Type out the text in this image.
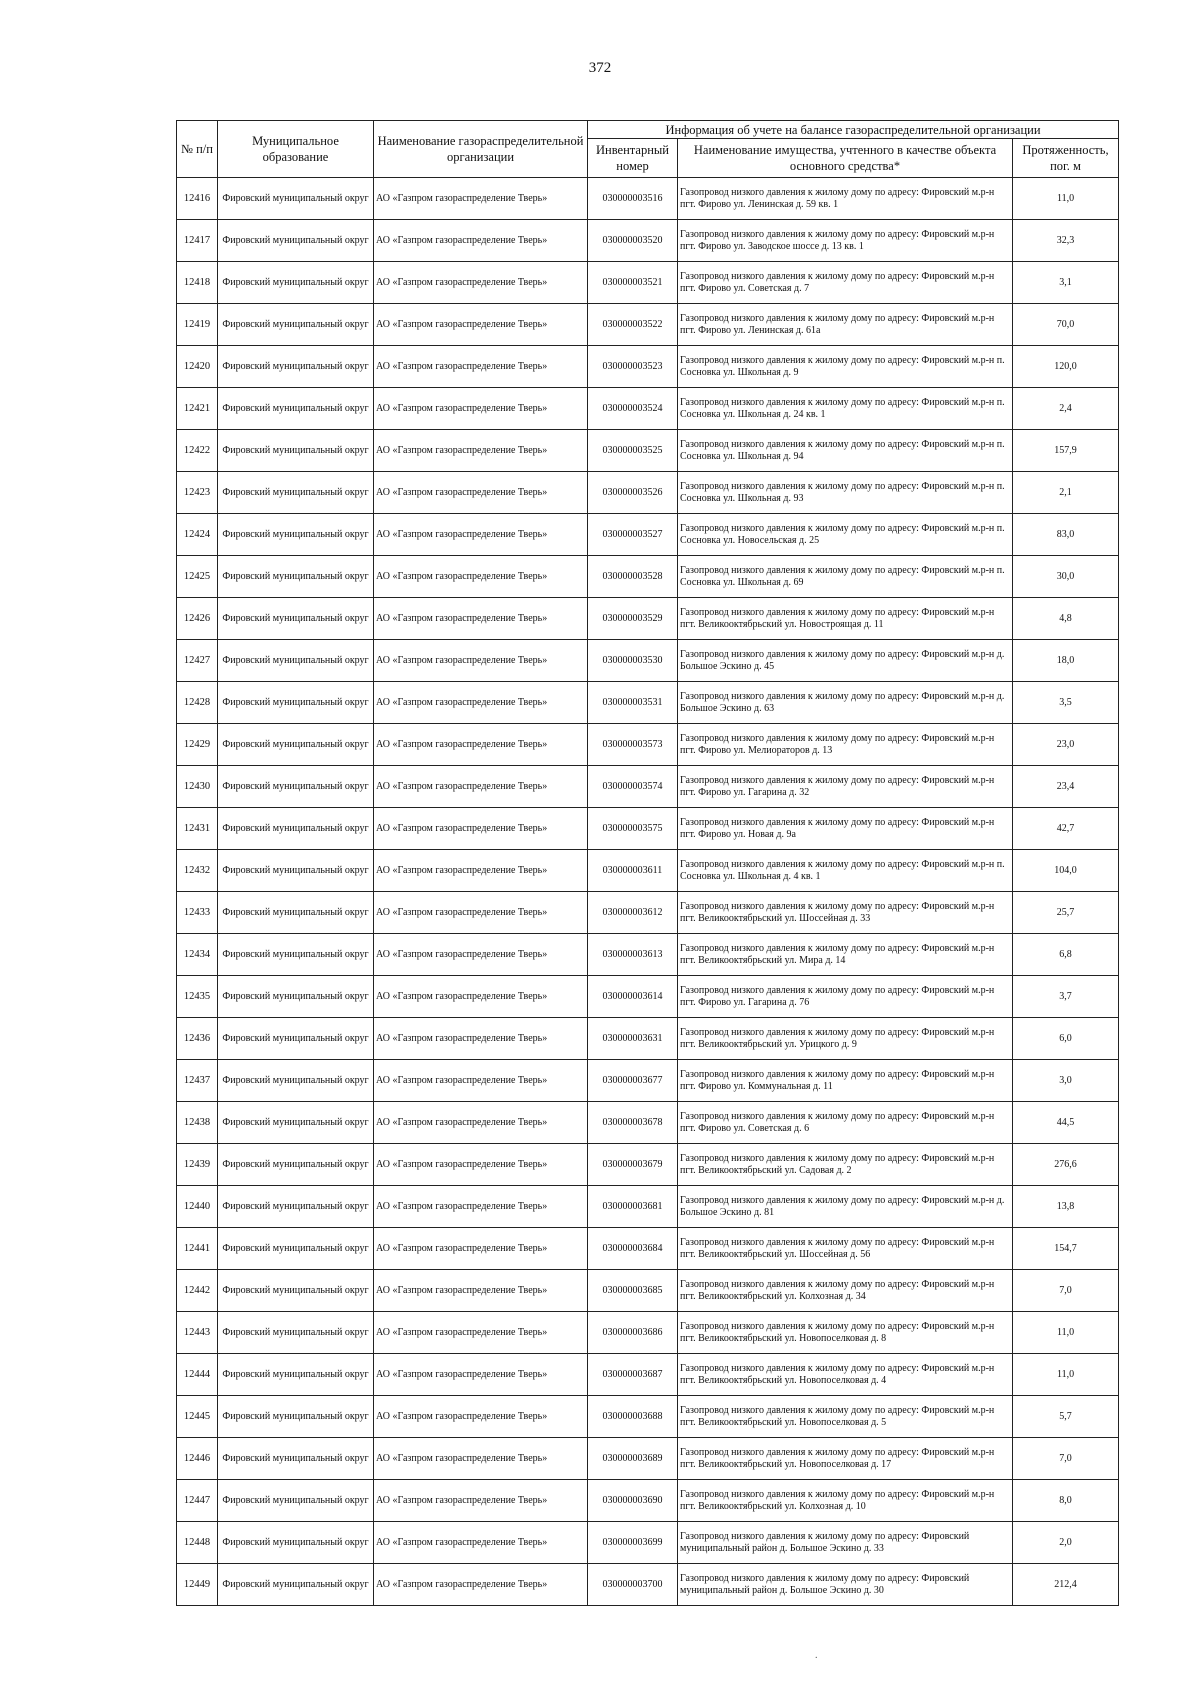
372
№ п/п	Муниципальное образование	Наименование газораспределительной организации	Информация об учете на балансе газораспределительной организации		
			Инвентарный номер	Наименование имущества, учтенного в качестве объекта основного средства*	Протяженность, пог. м
12416	Фировский муниципальный округ	АО «Газпром газораспределение Тверь»	030000003516	Газопровод низкого давления к жилому дому по адресу: Фировский м.р-н пгт. Фирово ул. Ленинская д. 59 кв. 1	11,0
12417	Фировский муниципальный округ	АО «Газпром газораспределение Тверь»	030000003520	Газопровод низкого давления к жилому дому по адресу: Фировский м.р-н пгт. Фирово ул. Заводское шоссе д. 13 кв. 1	32,3
12418	Фировский муниципальный округ	АО «Газпром газораспределение Тверь»	030000003521	Газопровод низкого давления к жилому дому по адресу: Фировский м.р-н пгт. Фирово ул. Советская д. 7	3,1
12419	Фировский муниципальный округ	АО «Газпром газораспределение Тверь»	030000003522	Газопровод низкого давления к жилому дому по адресу: Фировский м.р-н пгт. Фирово ул. Ленинская д. 61а	70,0
12420	Фировский муниципальный округ	АО «Газпром газораспределение Тверь»	030000003523	Газопровод низкого давления к жилому дому по адресу: Фировский м.р-н п. Сосновка ул. Школьная д. 9	120,0
12421	Фировский муниципальный округ	АО «Газпром газораспределение Тверь»	030000003524	Газопровод низкого давления к жилому дому по адресу: Фировский м.р-н п. Сосновка ул. Школьная д. 24 кв. 1	2,4
12422	Фировский муниципальный округ	АО «Газпром газораспределение Тверь»	030000003525	Газопровод низкого давления к жилому дому по адресу: Фировский м.р-н п. Сосновка ул. Школьная д. 94	157,9
12423	Фировский муниципальный округ	АО «Газпром газораспределение Тверь»	030000003526	Газопровод низкого давления к жилому дому по адресу: Фировский м.р-н п. Сосновка ул. Школьная д. 93	2,1
12424	Фировский муниципальный округ	АО «Газпром газораспределение Тверь»	030000003527	Газопровод низкого давления к жилому дому по адресу: Фировский м.р-н п. Сосновка ул. Новосельская д. 25	83,0
12425	Фировский муниципальный округ	АО «Газпром газораспределение Тверь»	030000003528	Газопровод низкого давления к жилому дому по адресу: Фировский м.р-н п. Сосновка ул. Школьная д. 69	30,0
12426	Фировский муниципальный округ	АО «Газпром газораспределение Тверь»	030000003529	Газопровод низкого давления к жилому дому по адресу: Фировский м.р-н пгт. Великооктябрьский ул. Новостроящая д. 11	4,8
12427	Фировский муниципальный округ	АО «Газпром газораспределение Тверь»	030000003530	Газопровод низкого давления к жилому дому по адресу: Фировский м.р-н д. Большое Эскино д. 45	18,0
12428	Фировский муниципальный округ	АО «Газпром газораспределение Тверь»	030000003531	Газопровод низкого давления к жилому дому по адресу: Фировский м.р-н д. Большое Эскино д. 63	3,5
12429	Фировский муниципальный округ	АО «Газпром газораспределение Тверь»	030000003573	Газопровод низкого давления к жилому дому по адресу: Фировский м.р-н пгт. Фирово ул. Мелиораторов д. 13	23,0
12430	Фировский муниципальный округ	АО «Газпром газораспределение Тверь»	030000003574	Газопровод низкого давления к жилому дому по адресу: Фировский м.р-н пгт. Фирово ул. Гагарина д. 32	23,4
12431	Фировский муниципальный округ	АО «Газпром газораспределение Тверь»	030000003575	Газопровод низкого давления к жилому дому по адресу: Фировский м.р-н пгт. Фирово ул. Новая д. 9а	42,7
12432	Фировский муниципальный округ	АО «Газпром газораспределение Тверь»	030000003611	Газопровод низкого давления к жилому дому по адресу: Фировский м.р-н п. Сосновка ул. Школьная д. 4 кв. 1	104,0
12433	Фировский муниципальный округ	АО «Газпром газораспределение Тверь»	030000003612	Газопровод низкого давления к жилому дому по адресу: Фировский м.р-н пгт. Великооктябрьский ул. Шоссейная д. 33	25,7
12434	Фировский муниципальный округ	АО «Газпром газораспределение Тверь»	030000003613	Газопровод низкого давления к жилому дому по адресу: Фировский м.р-н пгт. Великооктябрьский ул. Мира д. 14	6,8
12435	Фировский муниципальный округ	АО «Газпром газораспределение Тверь»	030000003614	Газопровод низкого давления к жилому дому по адресу: Фировский м.р-н пгт. Фирово ул. Гагарина д. 76	3,7
12436	Фировский муниципальный округ	АО «Газпром газораспределение Тверь»	030000003631	Газопровод низкого давления к жилому дому по адресу: Фировский м.р-н пгт. Великооктябрьский ул. Урицкого д. 9	6,0
12437	Фировский муниципальный округ	АО «Газпром газораспределение Тверь»	030000003677	Газопровод низкого давления к жилому дому по адресу: Фировский м.р-н пгт. Фирово ул. Коммунальная д. 11	3,0
12438	Фировский муниципальный округ	АО «Газпром газораспределение Тверь»	030000003678	Газопровод низкого давления к жилому дому по адресу: Фировский м.р-н пгт. Фирово ул. Советская д. 6	44,5
12439	Фировский муниципальный округ	АО «Газпром газораспределение Тверь»	030000003679	Газопровод низкого давления к жилому дому по адресу: Фировский м.р-н пгт. Великооктябрьский ул. Садовая д. 2	276,6
12440	Фировский муниципальный округ	АО «Газпром газораспределение Тверь»	030000003681	Газопровод низкого давления к жилому дому по адресу: Фировский м.р-н д. Большое Эскино д. 81	13,8
12441	Фировский муниципальный округ	АО «Газпром газораспределение Тверь»	030000003684	Газопровод низкого давления к жилому дому по адресу: Фировский м.р-н пгт. Великооктябрьский ул. Шоссейная д. 56	154,7
12442	Фировский муниципальный округ	АО «Газпром газораспределение Тверь»	030000003685	Газопровод низкого давления к жилому дому по адресу: Фировский м.р-н пгт. Великооктябрьский ул. Колхозная д. 34	7,0
12443	Фировский муниципальный округ	АО «Газпром газораспределение Тверь»	030000003686	Газопровод низкого давления к жилому дому по адресу: Фировский м.р-н пгт. Великооктябрьский ул. Новопоселковая д. 8	11,0
12444	Фировский муниципальный округ	АО «Газпром газораспределение Тверь»	030000003687	Газопровод низкого давления к жилому дому по адресу: Фировский м.р-н пгт. Великооктябрьский ул. Новопоселковая д. 4	11,0
12445	Фировский муниципальный округ	АО «Газпром газораспределение Тверь»	030000003688	Газопровод низкого давления к жилому дому по адресу: Фировский м.р-н пгт. Великооктябрьский ул. Новопоселковая д. 5	5,7
12446	Фировский муниципальный округ	АО «Газпром газораспределение Тверь»	030000003689	Газопровод низкого давления к жилому дому по адресу: Фировский м.р-н пгт. Великооктябрьский ул. Новопоселковая д. 17	7,0
12447	Фировский муниципальный округ	АО «Газпром газораспределение Тверь»	030000003690	Газопровод низкого давления к жилому дому по адресу: Фировский м.р-н пгт. Великооктябрьский ул. Колхозная д. 10	8,0
12448	Фировский муниципальный округ	АО «Газпром газораспределение Тверь»	030000003699	Газопровод низкого давления к жилому дому по адресу: Фировский муниципальный район д. Большое Эскино д. 33	2,0
12449	Фировский муниципальный округ	АО «Газпром газораспределение Тверь»	030000003700	Газопровод низкого давления к жилому дому по адресу: Фировский муниципальный район д. Большое Эскино д. 30	212,4
.
